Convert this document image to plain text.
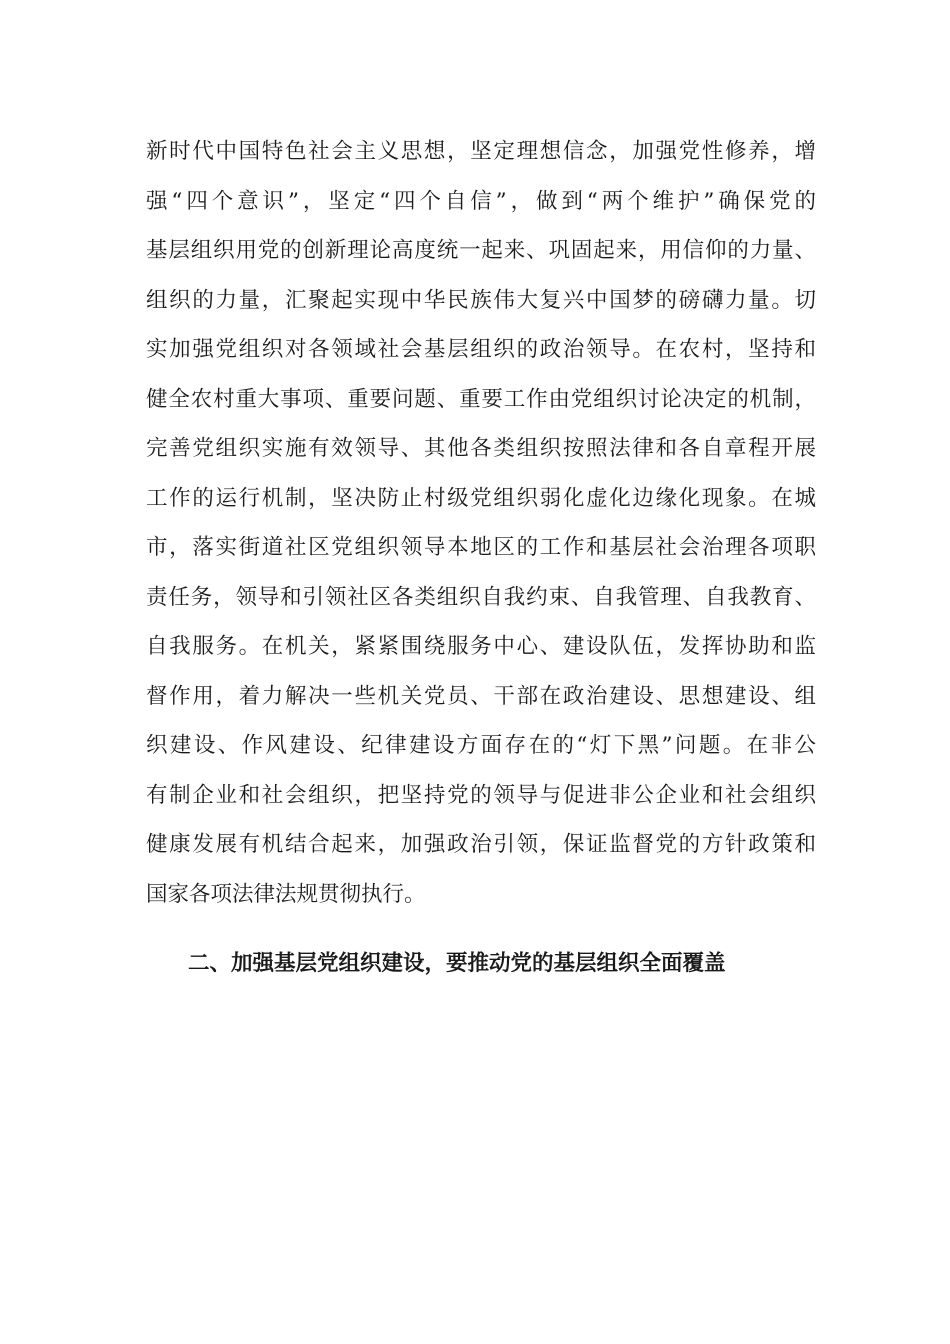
新时代中国特色社会主义思想，坚定理想信念，加强党性修养，增
强“四个意识”，坚定“四个自信”，做到“两个维护”确保党的
基层组织用党的创新理论高度统一起来、巩固起来，用信仰的力量、
组织的力量，汇聚起实现中华民族伟大复兴中国梦的磅礴力量。切
实加强党组织对各领域社会基层组织的政治领导。在农村，坚持和
健全农村重大事项、重要问题、重要工作由党组织讨论决定的机制，
完善党组织实施有效领导、其他各类组织按照法律和各自章程开展
工作的运行机制，坚决防止村级党组织弱化虚化边缘化现象。在城
市，落实街道社区党组织领导本地区的工作和基层社会治理各项职
责任务，领导和引领社区各类组织自我约束、自我管理、自我教育、
自我服务。在机关，紧紧围绕服务中心、建设队伍，发挥协助和监
督作用，着力解决一些机关党员、干部在政治建设、思想建设、组
织建设、作风建设、纪律建设方面存在的“灯下黑”问题。在非公
有制企业和社会组织，把坚持党的领导与促进非公企业和社会组织
健康发展有机结合起来，加强政治引领，保证监督党的方针政策和
国家各项法律法规贯彻执行。
二、加强基层党组织建设，要推动党的基层组织全面覆盖
